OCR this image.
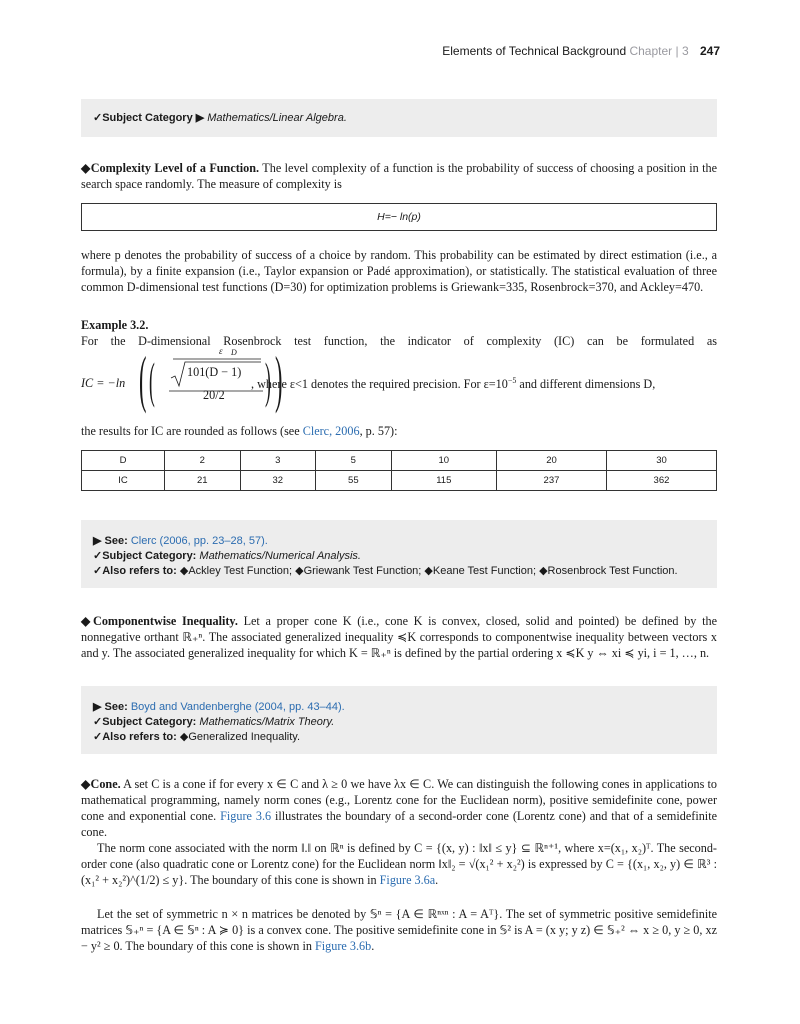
Elements of Technical Background Chapter | 3 247
✓Subject Category ▶ Mathematics/Linear Algebra.
◆Complexity Level of a Function. The level complexity of a function is the probability of success of choosing a position in the search space randomly. The measure of complexity is
H=− ln(p)
where p denotes the probability of success of a choice by random. This probability can be estimated by direct estimation (i.e., a formula), by a finite expansion (i.e., Taylor expansion or Padé approximation), or statistically. The statistical evaluation of three common D-dimensional test functions (D=30) for optimization problems is Griewank=335, Rosenbrock=370, and Ackley=470.
Example 3.2.
For the D-dimensional Rosenbrock test function, the indicator of complexity (IC) can be formulated as
IC = −ln ( (
ε
101(D − 1)
20/2 ) )
D
, where ε<1 denotes the required precision. For $\varepsilon=10^{-5}$ and different dimensions D,
the results for IC are rounded as follows (see Clerc, 2006, p. 57):
D	2	3	5	10	20	30
IC	21	32	55	115	237	362
▶ See: Clerc (2006, pp. 23–28, 57).
✓Subject Category: Mathematics/Numerical Analysis.
✓Also refers to: ◆Ackley Test Function; ◆Griewank Test Function; ◆Keane Test Function; ◆Rosenbrock Test Function.
◆Componentwise Inequality. Let a proper cone K (i.e., cone K is convex, closed, solid and pointed) be defined by the nonnegative orthant ℝ₊ⁿ. The associated generalized inequality ≼K corresponds to componentwise inequality between vectors x and y. The associated generalized inequality for which K = ℝ₊ⁿ is defined by the partial ordering x ≼K y ⇔ xi ≼ yi, i = 1, …, n.
▶ See: Boyd and Vandenberghe (2004, pp. 43–44).
✓Subject Category: Mathematics/Matrix Theory.
✓Also refers to: ◆Generalized Inequality.
◆Cone. A set C is a cone if for every x ∈ C and λ ≥ 0 we have λx ∈ C. We can distinguish the following cones in applications to mathematical programming, namely norm cones (e.g., Lorentz cone for the Euclidean norm), positive semidefinite cone, power cone and exponential cone. Figure 3.6 illustrates the boundary of a second-order cone (Lorentz cone) and that of a semidefinite cone.
The norm cone associated with the norm ‖.‖ on ℝⁿ is defined by C = {(x, y) : ‖x‖ ≤ y} ⊆ ℝⁿ⁺¹, where x=(x₁, x₂)ᵀ. The second-order cone (also quadratic cone or Lorentz cone) for the Euclidean norm ‖x‖₂ = √(x₁² + x₂²) is expressed by C = {(x₁, x₂, y) ∈ ℝ³ : (x₁² + x₂²)^(1/2) ≤ y}. The boundary of this cone is shown in Figure 3.6a.
Let the set of symmetric n × n matrices be denoted by 𝕊ⁿ = {A ∈ ℝⁿˣⁿ : A = Aᵀ}. The set of symmetric positive semidefinite matrices 𝕊₊ⁿ = {A ∈ 𝕊ⁿ : A ≽ 0} is a convex cone. The positive semidefinite cone in 𝕊² is A = (x y; y z) ∈ 𝕊₊² ⇔ x ≥ 0, y ≥ 0, xz − y² ≥ 0. The boundary of this cone is shown in Figure 3.6b.
